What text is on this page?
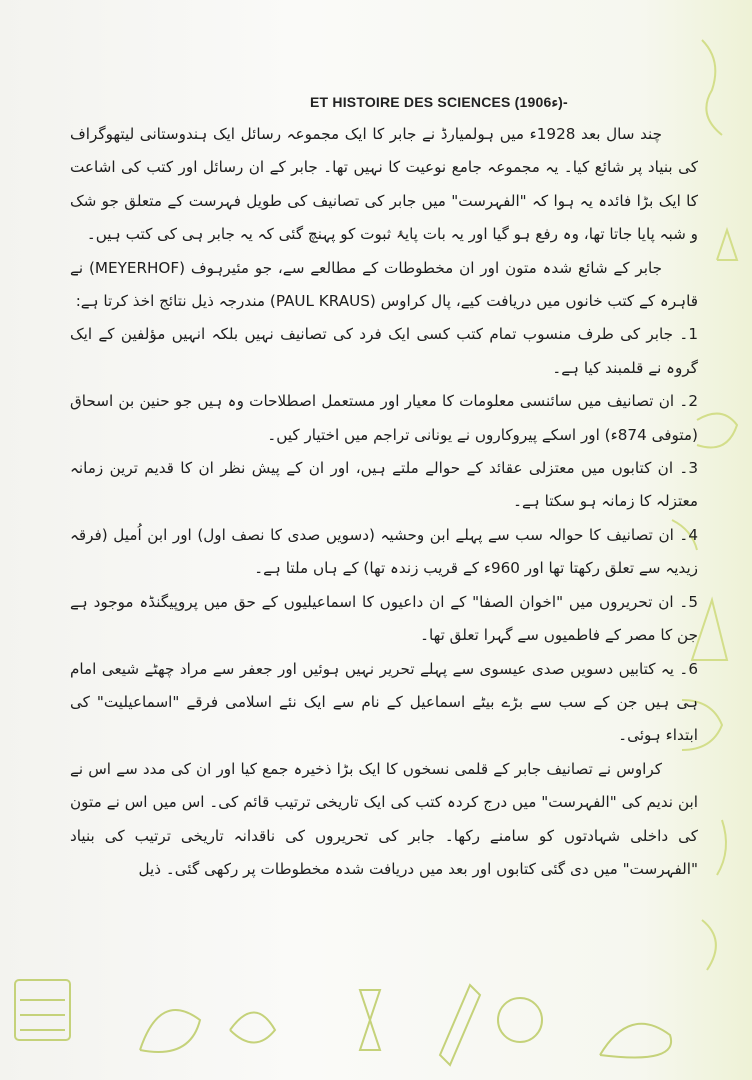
ET HISTOIRE DES SCIENCES (1906ء)-

چند سال بعد 1928ء میں ہولمیارڈ نے جابر کا ایک مجموعہ رسائل ایک ہندوستانی لیتھوگراف کی بنیاد پر شائع کیا۔ یہ مجموعہ جامع نوعیت کا نہیں تھا۔ جابر کے ان رسائل اور کتب کی اشاعت کا ایک بڑا فائدہ یہ ہوا کہ "الفہرست" میں جابر کی تصانیف کی طویل فہرست کے متعلق جو شک و شبہ پایا جاتا تھا، وہ رفع ہو گیا اور یہ بات پایۂ ثبوت کو پہنچ گئی کہ یہ جابر ہی کی کتب ہیں۔

جابر کے شائع شدہ متون اور ان مخطوطات کے مطالعے سے، جو مئیرہوف (MEYERHOF) نے قاہرہ کے کتب خانوں میں دریافت کیے، پال کراوس (PAUL KRAUS) مندرجہ ذیل نتائج اخذ کرتا ہے:

1۔ جابر کی طرف منسوب تمام کتب کسی ایک فرد کی تصانیف نہیں بلکہ انہیں مؤلفین کے ایک گروہ نے قلمبند کیا ہے۔

2۔ ان تصانیف میں سائنسی معلومات کا معیار اور مستعمل اصطلاحات وہ ہیں جو حنین بن اسحاق (متوفی 874ء) اور اسکے پیروکاروں نے یونانی تراجم میں اختیار کیں۔

3۔ ان کتابوں میں معتزلی عقائد کے حوالے ملتے ہیں، اور ان کے پیش نظر ان کا قدیم ترین زمانہ معتزلہ کا زمانہ ہو سکتا ہے۔

4۔ ان تصانیف کا حوالہ سب سے پہلے ابن وحشیہ (دسویں صدی کا نصف اول) اور ابن اُمیل (فرقہ زیدیہ سے تعلق رکھتا تھا اور 960ء کے قریب زندہ تھا) کے ہاں ملتا ہے۔

5۔ ان تحریروں میں "اخوان الصفا" کے ان داعیوں کا اسماعیلیوں کے حق میں پروپیگنڈہ موجود ہے جن کا مصر کے فاطمیوں سے گہرا تعلق تھا۔

6۔ یہ کتابیں دسویں صدی عیسوی سے پہلے تحریر نہیں ہوئیں اور جعفر سے مراد چھٹے شیعی امام ہی ہیں جن کے سب سے بڑے بیٹے اسماعیل کے نام سے ایک نئے اسلامی فرقے "اسماعیلیت" کی ابتداء ہوئی۔

کراوس نے تصانیف جابر کے قلمی نسخوں کا ایک بڑا ذخیرہ جمع کیا اور ان کی مدد سے اس نے ابن ندیم کی "الفہرست" میں درج کردہ کتب کی ایک تاریخی ترتیب قائم کی۔ اس میں اس نے متون کی داخلی شہادتوں کو سامنے رکھا۔ جابر کی تحریروں کی ناقدانہ تاریخی ترتیب کی بنیاد "الفہرست" میں دی گئی کتابوں اور بعد میں دریافت شدہ مخطوطات پر رکھی گئی۔ ذیل
